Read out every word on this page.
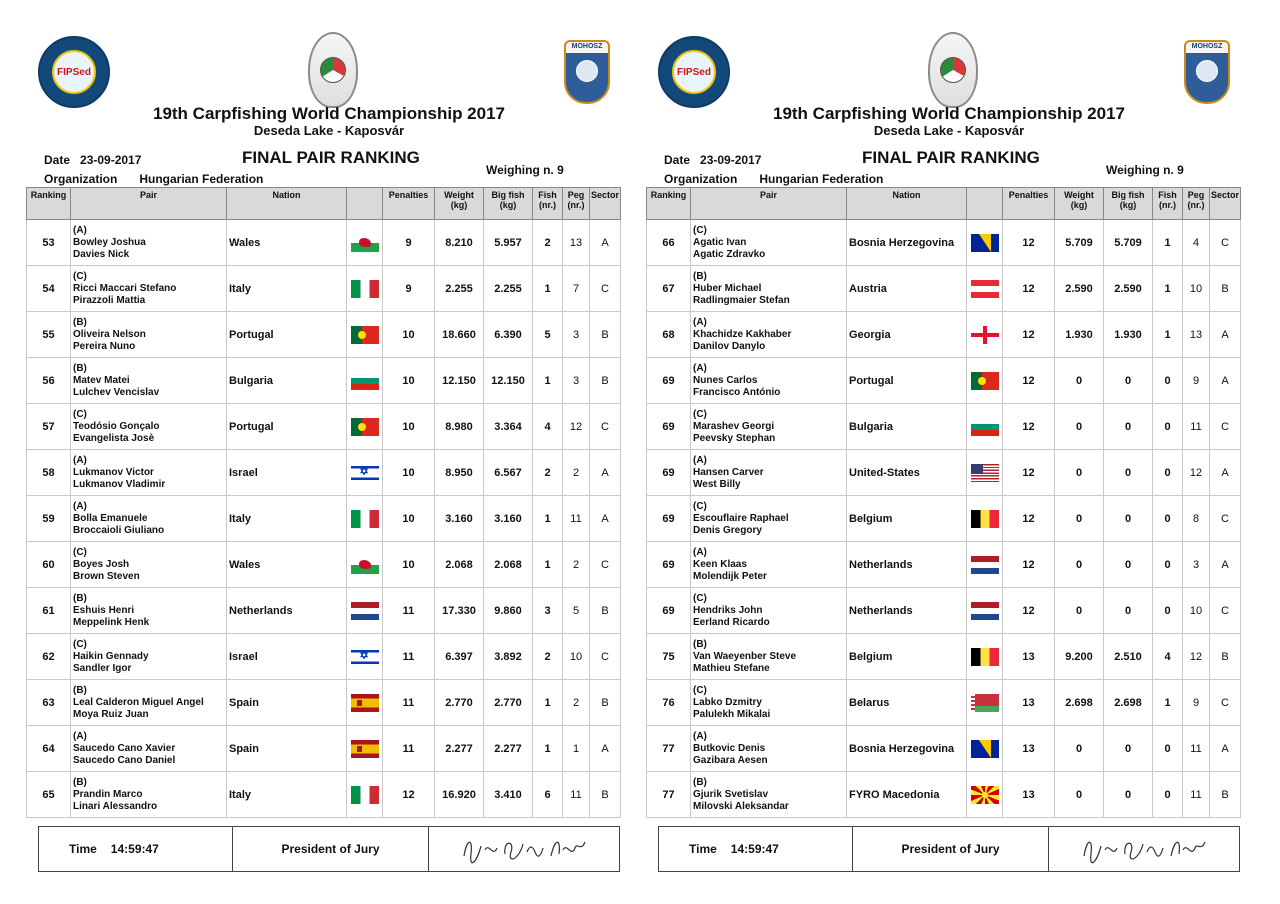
FIPSed
MOHOSZ
19th Carpfishing World Championship 2017
Deseda Lake - Kaposvár
Date 23-09-2017	FINAL PAIR RANKING
Weighing n. 9
Organization Hungarian Federation
Ranking	Pair	Nation		Penalties	Weight (kg)	Big fish (kg)	Fish (nr.)	Peg (nr.)	Sector
53	(A)
Bowley Joshua
Davies Nick	Wales		9	8.210	5.957	2	13	A
54	(C)
Ricci Maccari Stefano
Pirazzoli Mattia	Italy		9	2.255	2.255	1	7	C
55	(B)
Oliveira Nelson
Pereira Nuno	Portugal		10	18.660	6.390	5	3	B
56	(B)
Matev Matei
Lulchev Vencislav	Bulgaria		10	12.150	12.150	1	3	B
57	(C)
Teodósio Gonçalo
Evangelista Josè	Portugal		10	8.980	3.364	4	12	C
58	(A)
Lukmanov Victor
Lukmanov Vladimir	Israel	✡	10	8.950	6.567	2	2	A
59	(A)
Bolla Emanuele
Broccaioli Giuliano	Italy		10	3.160	3.160	1	11	A
60	(C)
Boyes Josh
Brown Steven	Wales		10	2.068	2.068	1	2	C
61	(B)
Eshuis Henri
Meppelink Henk	Netherlands		11	17.330	9.860	3	5	B
62	(C)
Haikin Gennady
Sandler Igor	Israel	✡	11	6.397	3.892	2	10	C
63	(B)
Leal Calderon Miguel Angel
Moya Ruiz Juan	Spain		11	2.770	2.770	1	2	B
64	(A)
Saucedo Cano Xavier
Saucedo Cano Daniel	Spain		11	2.277	2.277	1	1	A
65	(B)
Prandin Marco
Linari Alessandro	Italy		12	16.920	3.410	6	11	B
Time 14:59:47	President of Jury
FIPSed
MOHOSZ
19th Carpfishing World Championship 2017
Deseda Lake - Kaposvár
Date 23-09-2017	FINAL PAIR RANKING
Weighing n. 9
Organization Hungarian Federation
Ranking	Pair	Nation		Penalties	Weight (kg)	Big fish (kg)	Fish (nr.)	Peg (nr.)	Sector
66	(C)
Agatic Ivan
Agatic Zdravko	Bosnia Herzegovina		12	5.709	5.709	1	4	C
67	(B)
Huber Michael
Radlingmaier Stefan	Austria		12	2.590	2.590	1	10	B
68	(A)
Khachidze Kakhaber
Danilov Danylo	Georgia		12	1.930	1.930	1	13	A
69	(A)
Nunes Carlos
Francisco António	Portugal		12	0	0	0	9	A
69	(C)
Marashev Georgi
Peevsky Stephan	Bulgaria		12	0	0	0	11	C
69	(A)
Hansen Carver
West Billy	United-States		12	0	0	0	12	A
69	(C)
Escouflaire Raphael
Denis Gregory	Belgium		12	0	0	0	8	C
69	(A)
Keen Klaas
Molendijk Peter	Netherlands		12	0	0	0	3	A
69	(C)
Hendriks John
Eerland Ricardo	Netherlands		12	0	0	0	10	C
75	(B)
Van Waeyenber Steve
Mathieu Stefane	Belgium		13	9.200	2.510	4	12	B
76	(C)
Labko Dzmitry
Palulekh Mikalai	Belarus		13	2.698	2.698	1	9	C
77	(A)
Butkovic Denis
Gazibara Aesen	Bosnia Herzegovina		13	0	0	0	11	A
77	(B)
Gjurik Svetislav
Milovski Aleksandar	FYRO Macedonia		13	0	0	0	11	B
Time 14:59:47	President of Jury
